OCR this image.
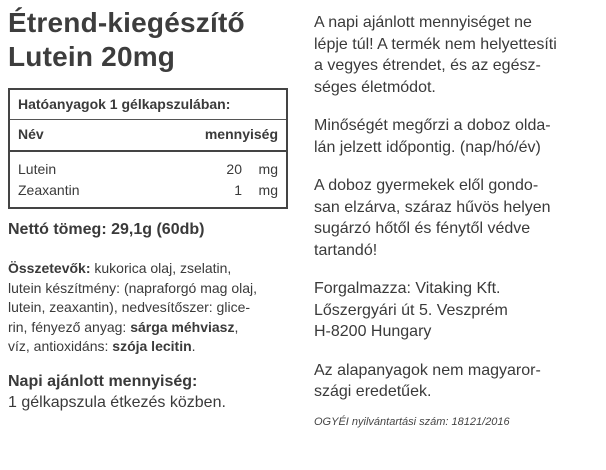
Étrend-kiegészítő
Lutein 20mg
Hatóanyagok 1 gélkapszulában:
Név	mennyiség
Lutein	20 mg
Zeaxantin	1 mg
Nettó tömeg: 29,1g (60db)
Összetevők: kukorica olaj, zselatin,
lutein készítmény: (napraforgó mag olaj,
lutein, zeaxantin), nedvesítőszer: glice-
rin, fényező anyag: sárga méhviasz,
víz, antioxidáns: szója lecitin.
Napi ajánlott mennyiség:
1 gélkapszula étkezés közben.
A napi ajánlott mennyiséget ne
lépje túl! A termék nem helyettesíti
a vegyes étrendet, és az egész-
séges életmódot.
Minőségét megőrzi a doboz olda-
lán jelzett időpontig. (nap/hó/év)
A doboz gyermekek elől gondo-
san elzárva, száraz hűvös helyen
sugárzó hőtől és fénytől védve
tartandó!
Forgalmazza: Vitaking Kft.
Lőszergyári út 5. Veszprém
H-8200 Hungary
Az alapanyagok nem magyaror-
szági eredetűek.
OGYÉI nyilvántartási szám: 18121/2016
